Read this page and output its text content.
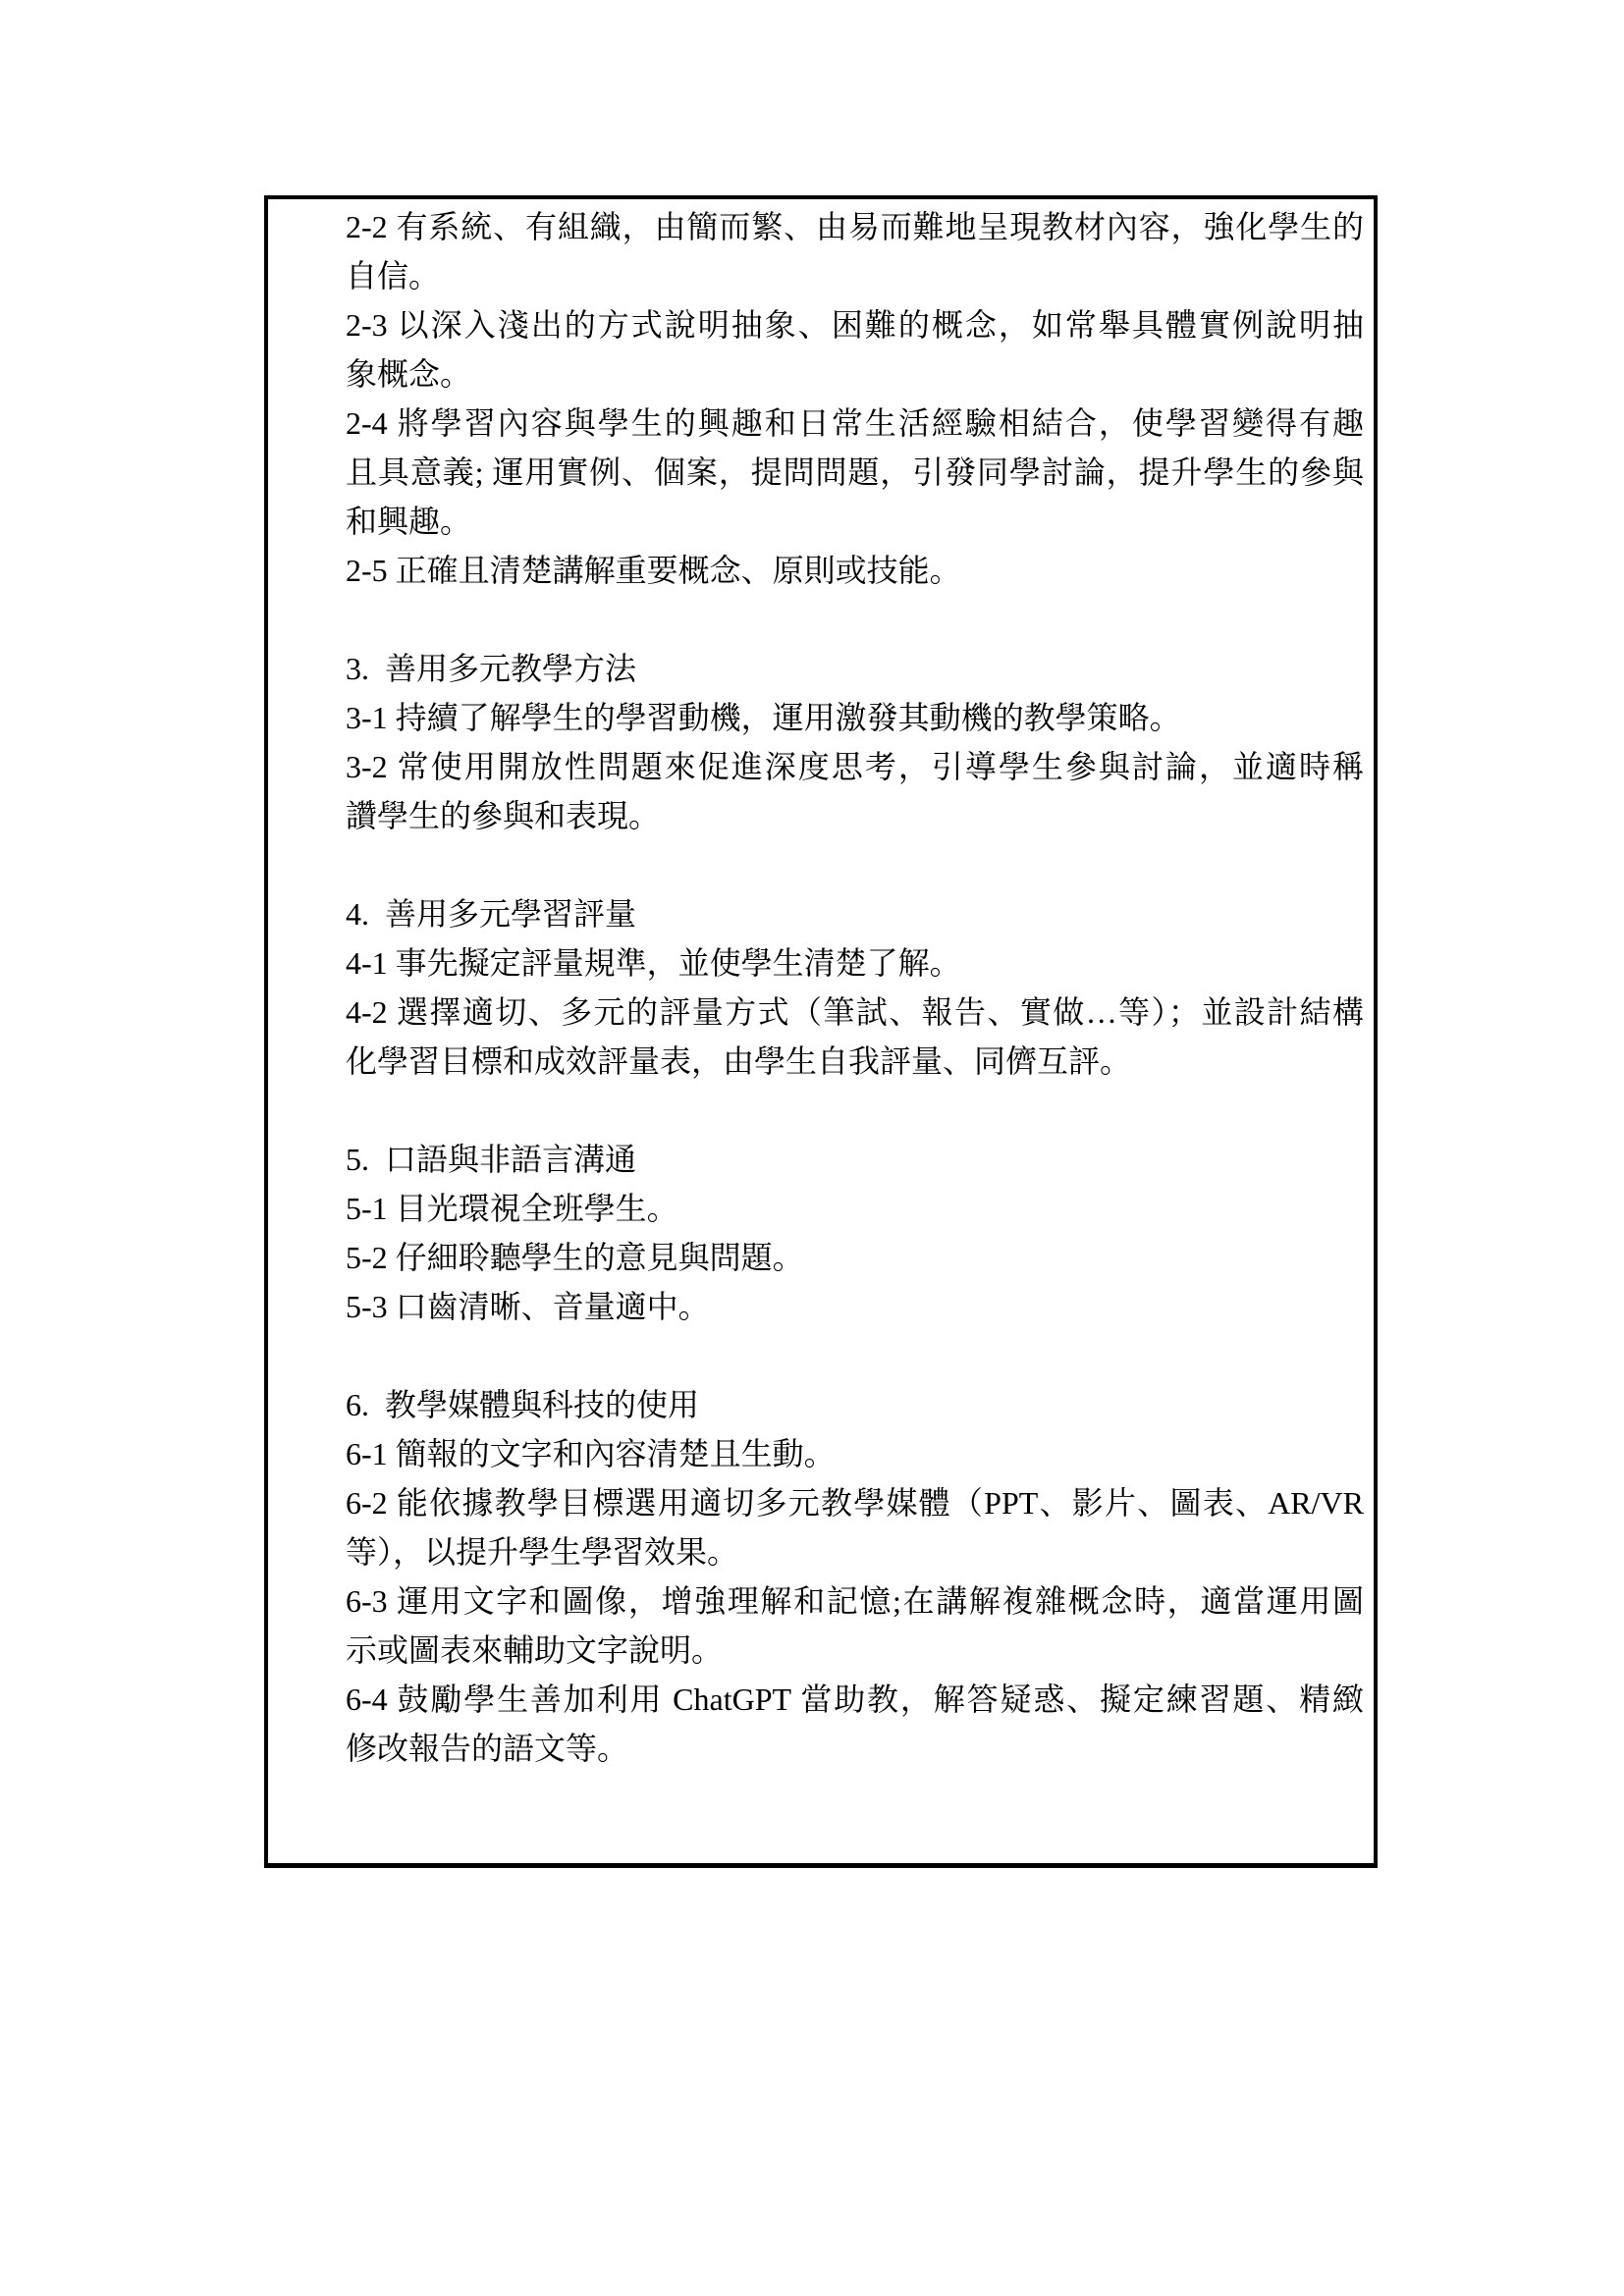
2-2 有系統、有組織，由簡而繁、由易而難地呈現教材內容，強化學生的
自信。
2-3 以深入淺出的方式說明抽象、困難的概念，如常舉具體實例說明抽
象概念。
2-4 將學習內容與學生的興趣和日常生活經驗相結合，使學習變得有趣
且具意義; 運用實例、個案，提問問題，引發同學討論，提升學生的參與
和興趣。
2-5 正確且清楚講解重要概念、原則或技能。
3.  善用多元教學方法
3-1 持續了解學生的學習動機，運用激發其動機的教學策略。
3-2 常使用開放性問題來促進深度思考，引導學生參與討論，並適時稱
讚學生的參與和表現。
4.  善用多元學習評量
4-1 事先擬定評量規準，並使學生清楚了解。
4-2 選擇適切、多元的評量方式（筆試、報告、實做…等）；並設計結構
化學習目標和成效評量表，由學生自我評量、同儕互評。
5.  口語與非語言溝通
5-1 目光環視全班學生。
5-2 仔細聆聽學生的意見與問題。
5-3 口齒清晰、音量適中。
6.  教學媒體與科技的使用
6-1 簡報的文字和內容清楚且生動。
6-2 能依據教學目標選用適切多元教學媒體（PPT、影片、圖表、AR/VR
等），以提升學生學習效果。
6-3 運用文字和圖像，增強理解和記憶;在講解複雜概念時，適當運用圖
示或圖表來輔助文字說明。
6-4 鼓勵學生善加利用 ChatGPT 當助教，解答疑惑、擬定練習題、精緻
修改報告的語文等。
